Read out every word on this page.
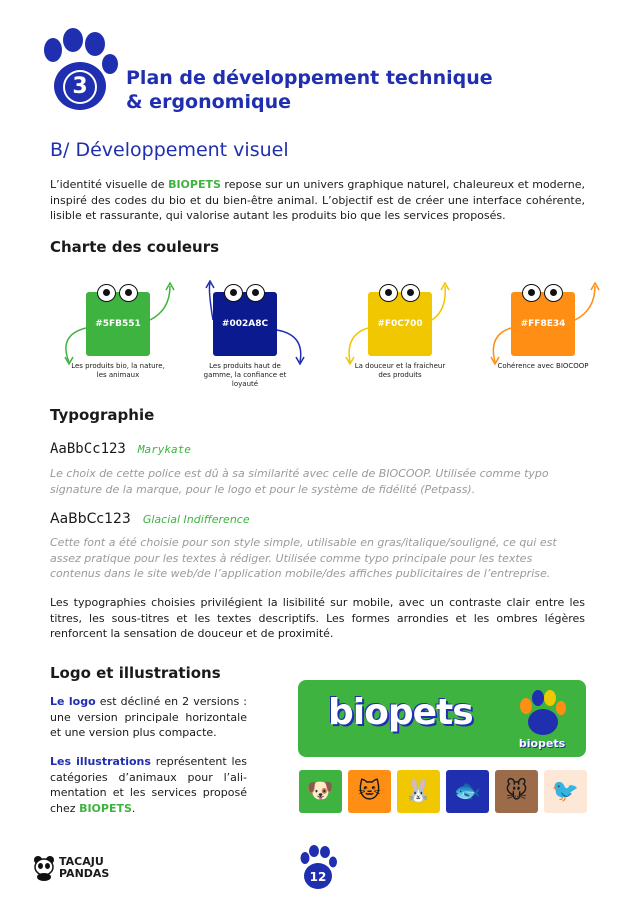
3	Plan de développement technique
& ergonomique
B/ Développement visuel

L’identité visuelle de BIOPETS repose sur un univers graphique naturel, chaleureux et moderne, inspiré des codes du bio et du bien-être animal. L’objectif est de créer une interface cohérente, lisible et rassurante, qui valorise autant les produits bio que les services proposés.

Charte des couleurs
#5FB551
Les produits bio, la nature, les animaux
#002A8C
Les produits haut de gamme, la confiance et loyauté
#F0C700
La douceur et la fraicheur des produits
#FF8E34
Cohérence avec BIOCOOP
Typographie
AaBbCc123 Marykate
Le choix de cette police est dû à sa similarité avec celle de BIOCOOP. Utilisée comme typo signature de la marque, pour le logo et pour le système de fidélité (Petpass).
AaBbCc123 Glacial Indifference
Cette font a été choisie pour son style simple, utilisable en gras/italique/souligné, ce qui est assez pratique pour les textes à rédiger. Utilisée comme typo principale pour les textes contenus dans le site web/de l’application mobile/des affiches publicitaires de l’entreprise.
Les typographies choisies privilégient la lisibilité sur mobile, avec un contraste clair entre les titres, les sous-titres et les textes descriptifs. Les formes arrondies et les ombres légères renforcent la sensation de douceur et de proximité.
Logo et illustrations

Le logo est décliné en 2 versions : une version principale horizontale et une version plus compacte.

Les illustrations représentent les catégories d’animaux pour l’ali- mentation et les services proposé chez BIOPETS.

biopets
biopets
🐶	🐱	🐰 🐟	🐭	🐦
TACAJU
PANDAS	12
